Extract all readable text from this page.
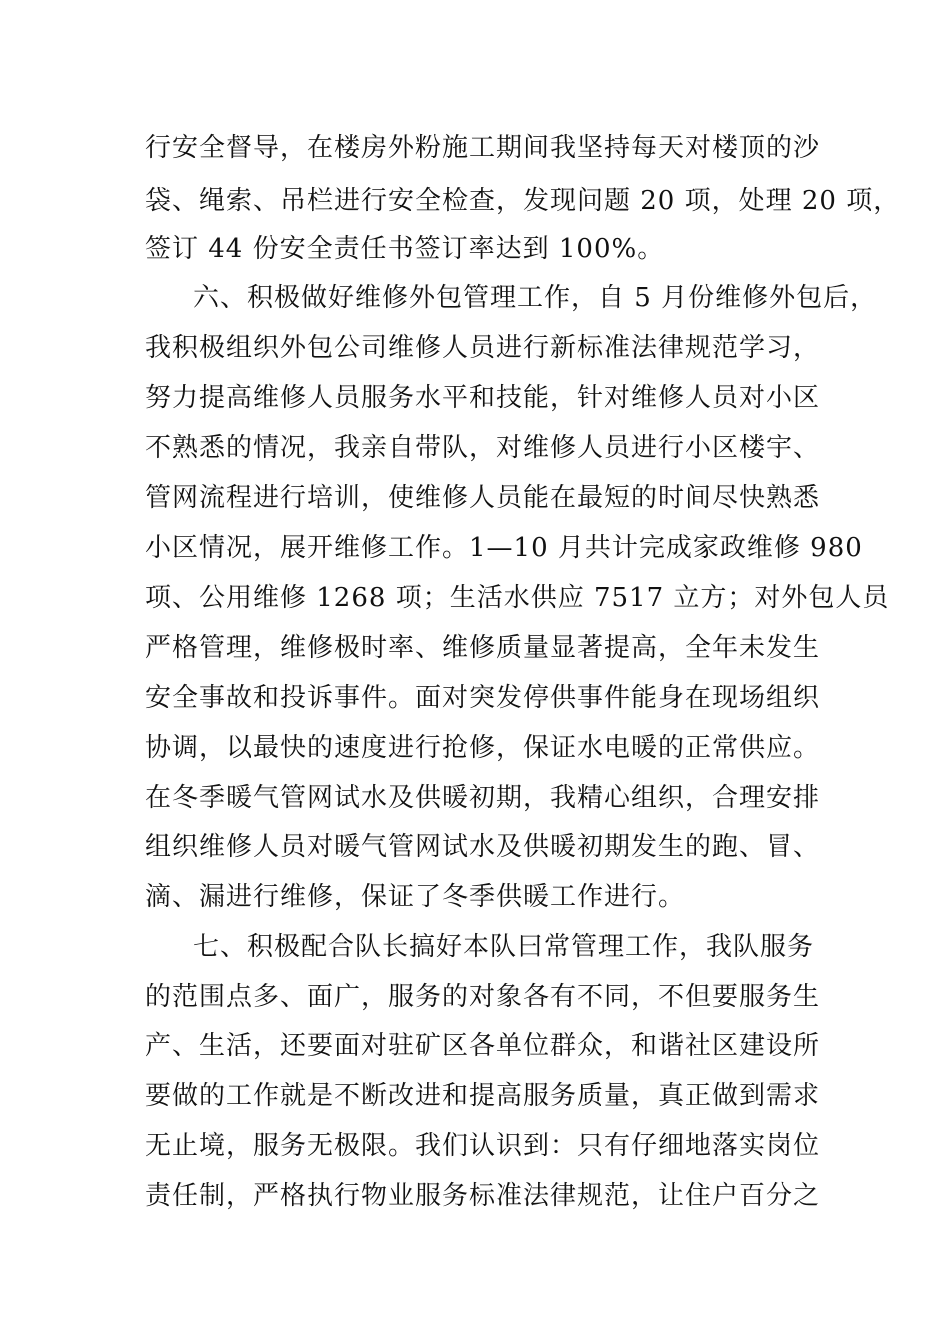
行安全督导，在楼房外粉施工期间我坚持每天对楼顶的沙
袋、绳索、吊栏进行安全检查，发现问题 20 项，处理 20 项，
签订 44 份安全责任书签订率达到 100%。
六、积极做好维修外包管理工作，自 5 月份维修外包后，
我积极组织外包公司维修人员进行新标准法律规范学习，
努力提高维修人员服务水平和技能，针对维修人员对小区
不熟悉的情况，我亲自带队，对维修人员进行小区楼宇、
管网流程进行培训，使维修人员能在最短的时间尽快熟悉
小区情况，展开维修工作。1—10 月共计完成家政维修 980
项、公用维修 1268 项；生活水供应 7517 立方；对外包人员
严格管理，维修极时率、维修质量显著提高，全年未发生
安全事故和投诉事件。面对突发停供事件能身在现场组织
协调，以最快的速度进行抢修，保证水电暖的正常供应。
在冬季暖气管网试水及供暖初期，我精心组织，合理安排
组织维修人员对暖气管网试水及供暖初期发生的跑、冒、
滴、漏进行维修，保证了冬季供暖工作进行。
七、积极配合队长搞好本队曰常管理工作，我队服务
的范围点多、面广，服务的对象各有不同，不但要服务生
产、生活，还要面对驻矿区各单位群众，和谐社区建设所
要做的工作就是不断改进和提高服务质量，真正做到需求
无止境，服务无极限。我们认识到：只有仔细地落实岗位
责任制，严格执行物业服务标准法律规范，让住户百分之
